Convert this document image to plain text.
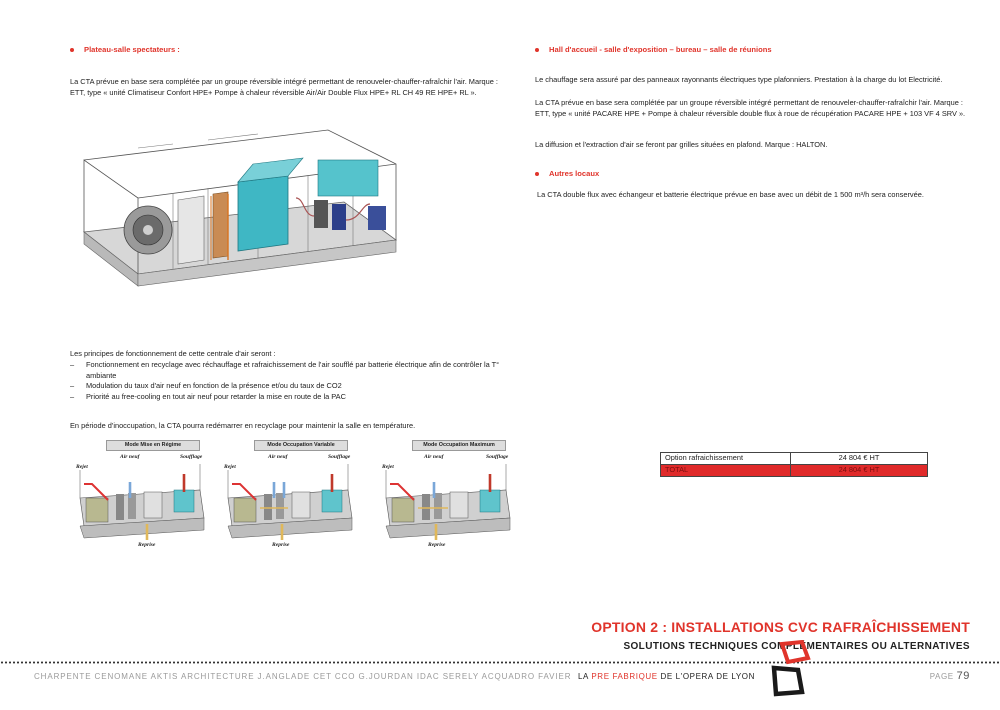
Plateau-salle spectateurs :

La CTA prévue en base sera complétée par un groupe réversible intégré permettant de renouveler-chauffer-rafraîchir l'air. Marque : ETT, type « unité Climatiseur Confort HPE+ Pompe à chaleur réversible Air/Air Double Flux HPE+ RL CH 49 RE HPE+ RL ».

Les principes de fonctionnement de cette centrale d'air seront :

– Fonctionnement en recyclage avec réchauffage et rafraichissement de l'air soufflé par batterie électrique afin de contrôler la T° ambiante
– Modulation du taux d'air neuf en fonction de la présence et/ou du taux de CO2
– Priorité au free-cooling en tout air neuf pour retarder la mise en route de la PAC

En période d'inoccupation, la CTA pourra redémarrer en recyclage pour maintenir la salle en température.

Mode Mise en Régime
Rejet
Air neuf	Soufflage
Reprise
Mode Occupation Variable
Rejet
Air neuf	Soufflage
Reprise
Mode Occupation Maximum
Rejet
Air neuf	Soufflage
Reprise
Hall d'accueil - salle d'exposition – bureau – salle de réunions

Le chauffage sera assuré par des panneaux rayonnants électriques type plafonniers. Prestation à la charge du lot Electricité.

La CTA prévue en base sera complétée par un groupe réversible intégré permettant de renouveler-chauffer-rafraîchir l'air. Marque : ETT, type « unité PACARE HPE + Pompe à chaleur réversible double flux à roue de récupération PACARE HPE + 103 VF 4 SRV ».

La diffusion et l'extraction d'air se feront par grilles situées en plafond. Marque : HALTON.

Autres locaux

La CTA double flux avec échangeur et batterie électrique prévue en base avec un débit de 1 500 m³/h sera conservée.

Option rafraichissement	24 804 € HT
TOTAL	24 804 € HT
OPTION 2 : INSTALLATIONS CVC RAFRAÎCHISSEMENT
SOLUTIONS TECHNIQUES COMPLÉMENTAIRES OU ALTERNATIVES
CHARPENTE CENOMANE AKTIS ARCHITECTURE J.ANGLADE CET CCO G.JOURDAN IDAC SERELY ACQUADRO FAVIER LA PRE FABRIQUE DE L'OPERA DE LYON	PAGE 79
